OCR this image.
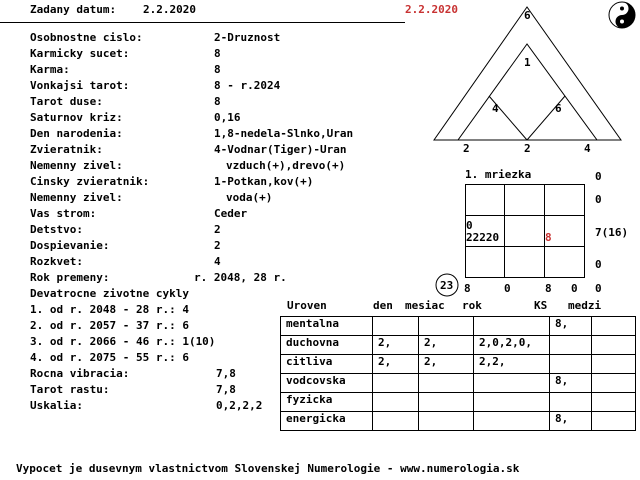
Zadany datum: 2.2.2020	2.2.2020
Osobnostne cislo:	2-Druznost
Karmicky sucet:	8
Karma:	8
Vonkajsi tarot:	8 - r.2024
Tarot duse:	8
Saturnov kriz:	0,16
Den narodenia:	1,8-nedela-Slnko,Uran
Zvieratnik:	4-Vodnar(Tiger)-Uran
Nemenny zivel:	vzduch(+),drevo(+)
Cinsky zvieratnik:	1-Potkan,kov(+)
Nemenny zivel:	voda(+)
Vas strom:	Ceder
Detstvo:	2
Dospievanie:	2
Rozkvet:	4
Rok premeny:	r. 2048, 28 r.
Devatrocne zivotne cykly
1. od r. 2048 - 28 r.: 4
2. od r. 2057 - 37 r.: 6
3. od r. 2066 - 46 r.: 1(10)
4. od r. 2075 - 55 r.: 6
Rocna vibracia:	7,8
Tarot rastu:	7,8
Uskalia:	0,2,2,2
6
1
4	6
2	2	4
1. mriezka

0
22220	8
0
0
7(16)
0
0
23 8	0	8 0
Uroven	den mesiac rok	KS medzi
mentalna				8,	
duchovna	2,	2,	2,0,2,0,		
citliva	2,	2,	2,2,		
vodcovska				8,	
fyzicka					
energicka				8,	
Vypocet je dusevnym vlastnictvom Slovenskej Numerologie - www.numerologia.sk
